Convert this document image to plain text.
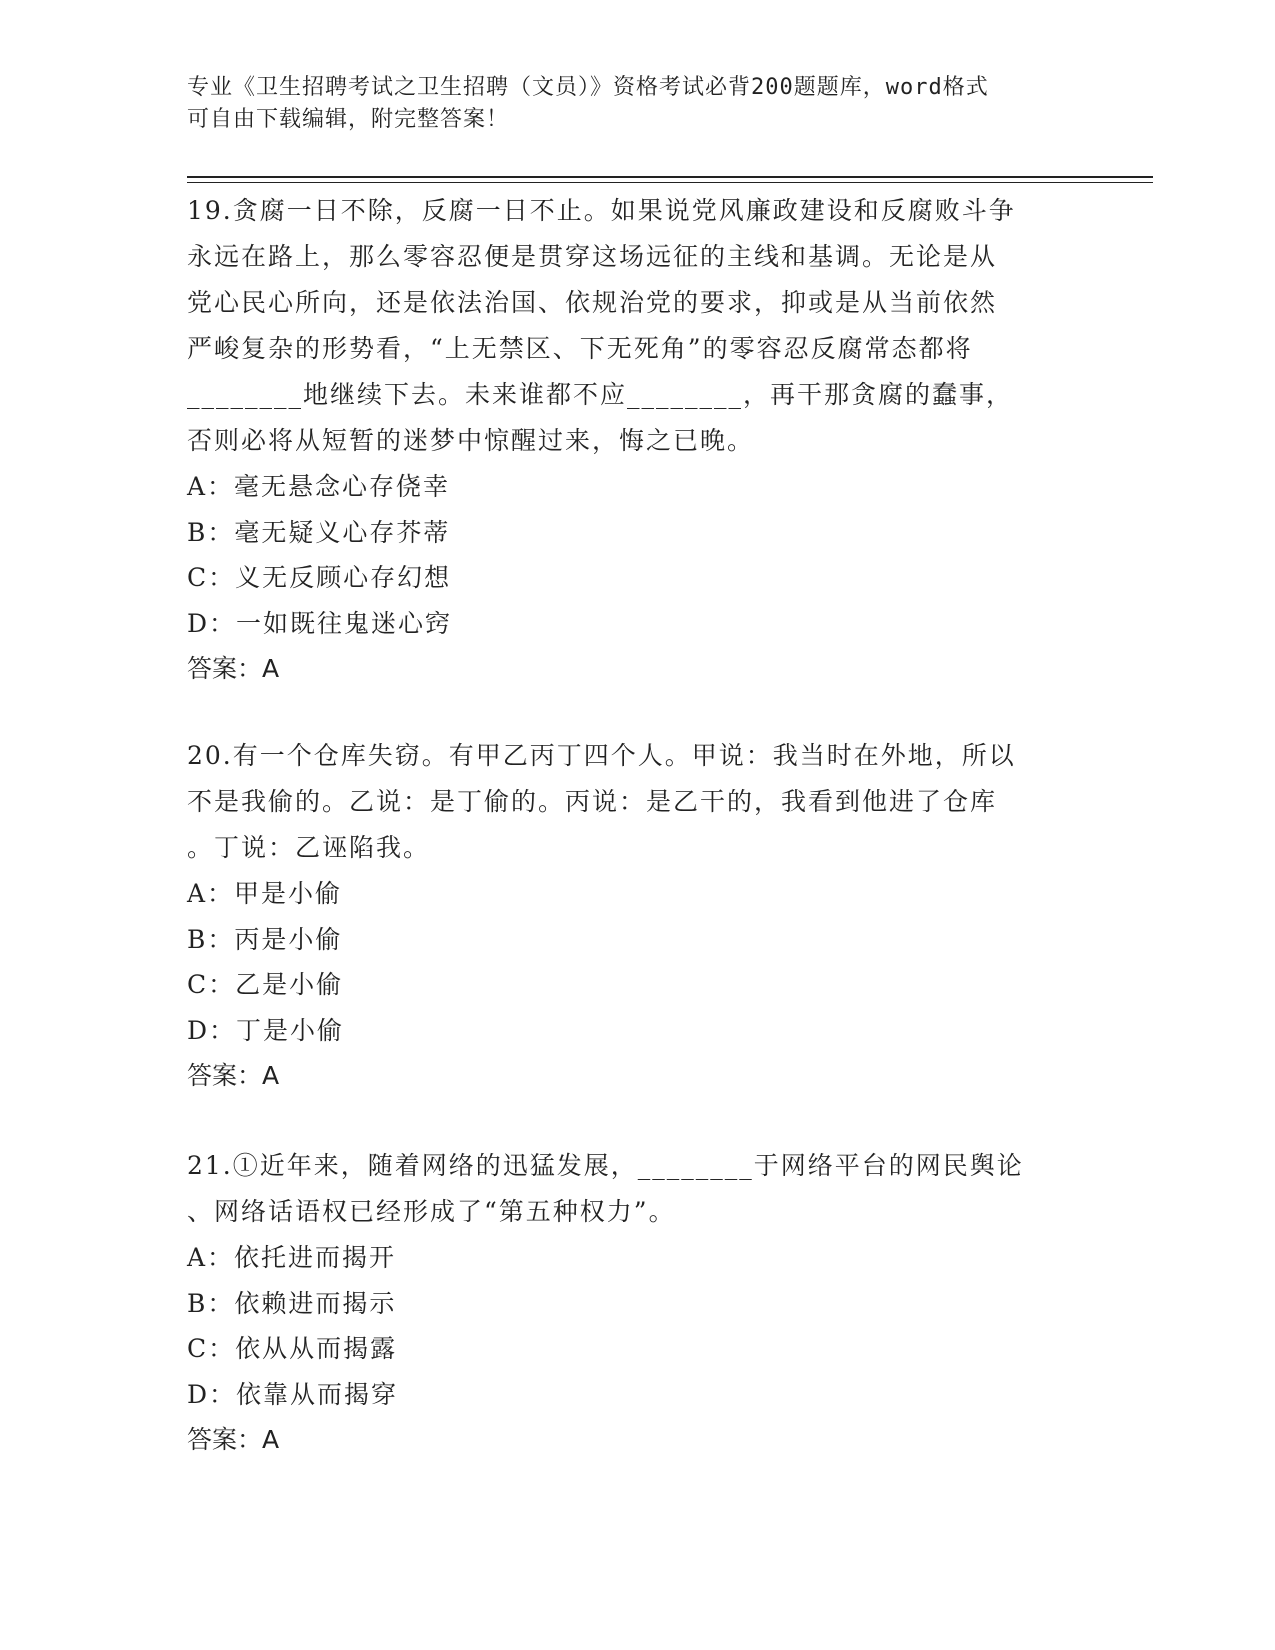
专业《卫生招聘考试之卫生招聘（文员）》资格考试必背200题题库，word格式
可自由下载编辑，附完整答案！
19.贪腐一日不除，反腐一日不止。如果说党风廉政建设和反腐败斗争
永远在路上，那么零容忍便是贯穿这场远征的主线和基调。无论是从
党心民心所向，还是依法治国、依规治党的要求，抑或是从当前依然
严峻复杂的形势看，“上无禁区、下无死角”的零容忍反腐常态都将
________地继续下去。未来谁都不应________，再干那贪腐的蠢事，
否则必将从短暂的迷梦中惊醒过来，悔之已晚。
A：毫无悬念心存侥幸
B：毫无疑义心存芥蒂
C：义无反顾心存幻想
D：一如既往鬼迷心窍
答案：A
20.有一个仓库失窃。有甲乙丙丁四个人。甲说：我当时在外地，所以
不是我偷的。乙说：是丁偷的。丙说：是乙干的，我看到他进了仓库
。丁说：乙诬陷我。
A：甲是小偷
B：丙是小偷
C：乙是小偷
D：丁是小偷
答案：A
21.①近年来，随着网络的迅猛发展，________于网络平台的网民舆论
、网络话语权已经形成了“第五种权力”。
A：依托进而揭开
B：依赖进而揭示
C：依从从而揭露
D：依靠从而揭穿
答案：A
